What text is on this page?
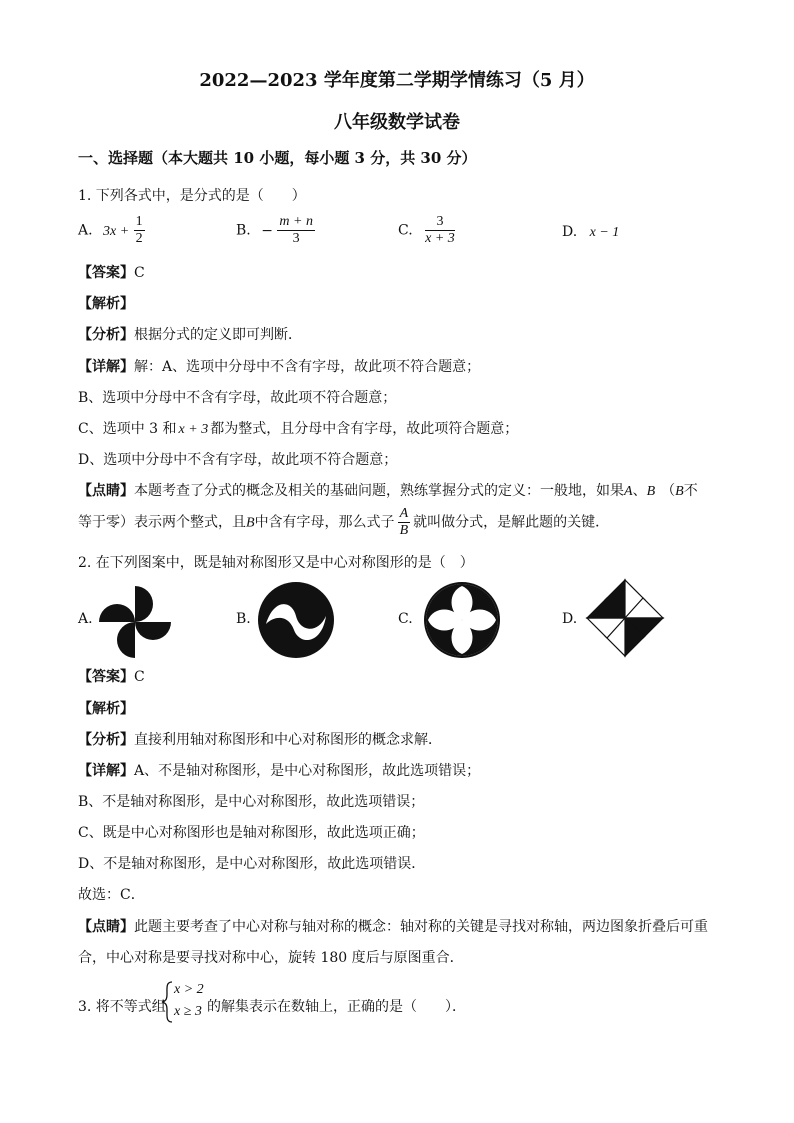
2022—2023 学年度第二学期学情练习（5 月）
八年级数学试卷
一、选择题（本大题共 10 小题，每小题 3 分，共 30 分）
1. 下列各式中，是分式的是（　　）
A. $3x + \frac{1}{2}$	B. − $\frac{m + n}{3}$	C. $\frac{3}{x + 3}$	D. x − 1
【答案】C
【解析】
【分析】根据分式的定义即可判断．
【详解】解：A、选项中分母中不含有字母，故此项不符合题意；
B、选项中分母中不含有字母，故此项不符合题意；
C、选项中 3 和 x + 3 都为整式，且分母中含有字母，故此项符合题意；
D、选项中分母中不含有字母，故此项不符合题意；
【点睛】本题考查了分式的概念及相关的基础问题，熟练掌握分式的定义：一般地，如果A、B （B不
等于零）表示两个整式，且B中含有字母，那么式子 $\frac{A}{B}$ 就叫做分式，是解此题的关键．
2. 在下列图案中，既是轴对称图形又是中心对称图形的是（　）
A.	B.	C.	D.
【答案】C
【解析】
【分析】直接利用轴对称图形和中心对称图形的概念求解．
【详解】A、不是轴对称图形，是中心对称图形，故此选项错误；
B、不是轴对称图形，是中心对称图形，故此选项错误；
C、既是中心对称图形也是轴对称图形，故此选项正确；
D、不是轴对称图形，是中心对称图形，故此选项错误．
故选：C．
【点睛】此题主要考查了中心对称与轴对称的概念：轴对称的关键是寻找对称轴，两边图象折叠后可重
合，中心对称是要寻找对称中心，旋转 180 度后与原图重合．
3. 将不等式组
x > 2
x ≥ 3 的解集表示在数轴上，正确的是（　　）．
